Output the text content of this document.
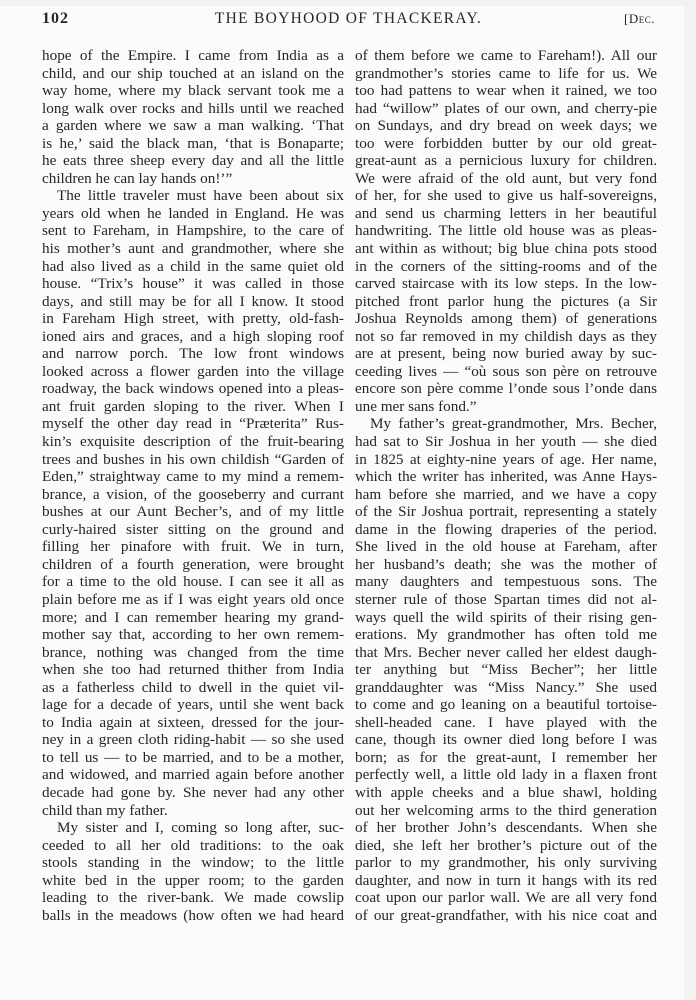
102	THE BOYHOOD OF THACKERAY.	[Dec.
hope of the Empire. I came from India as a
child, and our ship touched at an island on the
way home, where my black servant took me a
long walk over rocks and hills until we reached
a garden where we saw a man walking. ‘That
is he,’ said the black man, ‘that is Bonaparte;
he eats three sheep every day and all the little
children he can lay hands on!’”
The little traveler must have been about six
years old when he landed in England. He was
sent to Fareham, in Hampshire, to the care of
his mother’s aunt and grandmother, where she
had also lived as a child in the same quiet old
house. “Trix’s house” it was called in those
days, and still may be for all I know. It stood
in Fareham High street, with pretty, old-fash-
ioned airs and graces, and a high sloping roof
and narrow porch. The low front windows
looked across a flower garden into the village
roadway, the back windows opened into a pleas-
ant fruit garden sloping to the river. When I
myself the other day read in “Præterita” Rus-
kin’s exquisite description of the fruit-bearing
trees and bushes in his own childish “Garden of
Eden,” straightway came to my mind a remem-
brance, a vision, of the gooseberry and currant
bushes at our Aunt Becher’s, and of my little
curly-haired sister sitting on the ground and
filling her pinafore with fruit. We in turn,
children of a fourth generation, were brought
for a time to the old house. I can see it all as
plain before me as if I was eight years old once
more; and I can remember hearing my grand-
mother say that, according to her own remem-
brance, nothing was changed from the time
when she too had returned thither from India
as a fatherless child to dwell in the quiet vil-
lage for a decade of years, until she went back
to India again at sixteen, dressed for the jour-
ney in a green cloth riding-habit — so she used
to tell us — to be married, and to be a mother,
and widowed, and married again before another
decade had gone by. She never had any other
child than my father.
My sister and I, coming so long after, suc-
ceeded to all her old traditions: to the oak
stools standing in the window; to the little
white bed in the upper room; to the garden
leading to the river-bank. We made cowslip
balls in the meadows (how often we had heard
of them before we came to Fareham!). All our
grandmother’s stories came to life for us. We
too had pattens to wear when it rained, we too
had “willow” plates of our own, and cherry-pie
on Sundays, and dry bread on week days; we
too were forbidden butter by our old great-
great-aunt as a pernicious luxury for children.
We were afraid of the old aunt, but very fond
of her, for she used to give us half-sovereigns,
and send us charming letters in her beautiful
handwriting. The little old house was as pleas-
ant within as without; big blue china pots stood
in the corners of the sitting-rooms and of the
carved staircase with its low steps. In the low-
pitched front parlor hung the pictures (a Sir
Joshua Reynolds among them) of generations
not so far removed in my childish days as they
are at present, being now buried away by suc-
ceeding lives — “où sous son père on retrouve
encore son père comme l’onde sous l’onde dans
une mer sans fond.”
My father’s great-grandmother, Mrs. Becher,
had sat to Sir Joshua in her youth — she died
in 1825 at eighty-nine years of age. Her name,
which the writer has inherited, was Anne Hays-
ham before she married, and we have a copy
of the Sir Joshua portrait, representing a stately
dame in the flowing draperies of the period.
She lived in the old house at Fareham, after
her husband’s death; she was the mother of
many daughters and tempestuous sons. The
sterner rule of those Spartan times did not al-
ways quell the wild spirits of their rising gen-
erations. My grandmother has often told me
that Mrs. Becher never called her eldest daugh-
ter anything but “Miss Becher”; her little
granddaughter was “Miss Nancy.” She used
to come and go leaning on a beautiful tortoise-
shell-headed cane. I have played with the
cane, though its owner died long before I was
born; as for the great-aunt, I remember her
perfectly well, a little old lady in a flaxen front
with apple cheeks and a blue shawl, holding
out her welcoming arms to the third generation
of her brother John’s descendants. When she
died, she left her brother’s picture out of the
parlor to my grandmother, his only surviving
daughter, and now in turn it hangs with its red
coat upon our parlor wall. We are all very fond
of our great-grandfather, with his nice coat and
